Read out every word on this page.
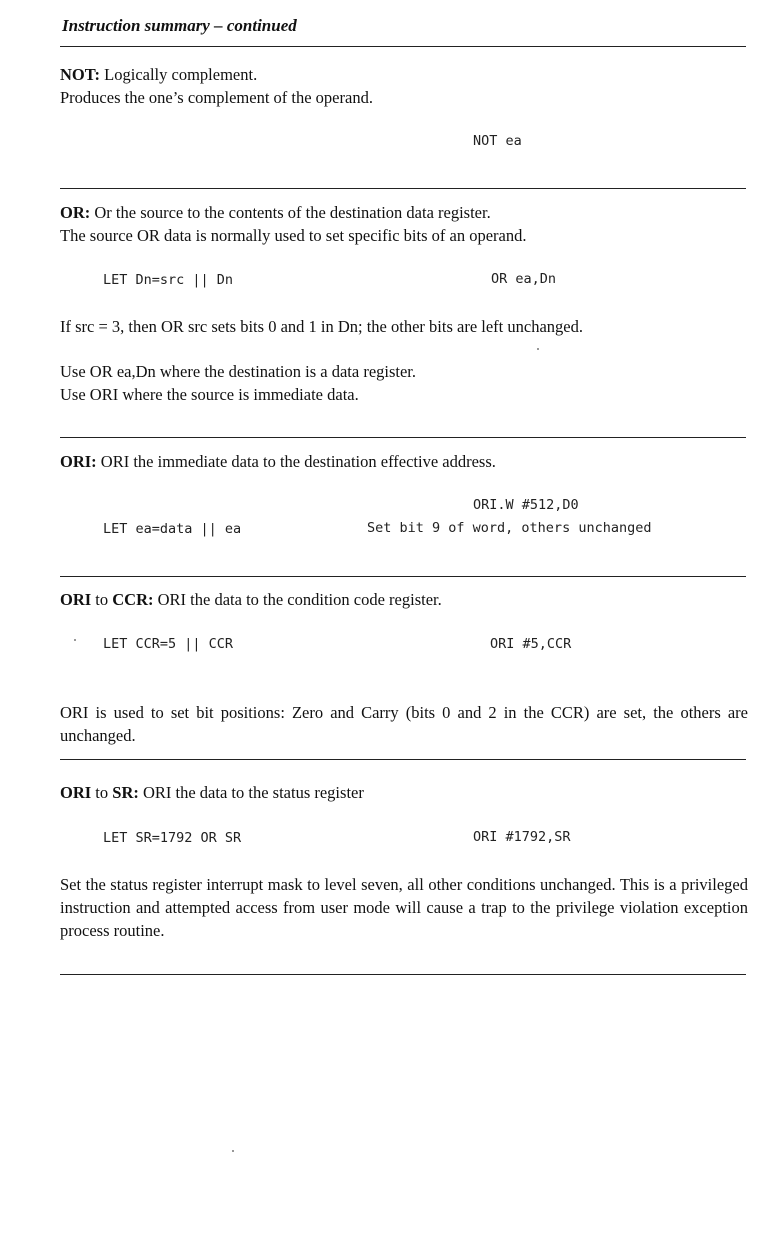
Instruction summary – continued
NOT: Logically complement.
Produces the one’s complement of the operand.
NOT ea
OR: Or the source to the contents of the destination data register.
The source OR data is normally used to set specific bits of an operand.
LET Dn=src || Dn	OR ea,Dn
If src = 3, then OR src sets bits 0 and 1 in Dn; the other bits are left unchanged.
Use OR ea,Dn where the destination is a data register.
Use ORI where the source is immediate data.
ORI: ORI the immediate data to the destination effective address.
ORI.W #512,D0
LET ea=data || ea	Set bit 9 of word, others unchanged
ORI to CCR: ORI the data to the condition code register.
LET CCR=5 || CCR	ORI #5,CCR
ORI is used to set bit positions: Zero and Carry (bits 0 and 2 in the CCR) are set, the others are unchanged.
ORI to SR: ORI the data to the status register
LET SR=1792 OR SR	ORI #1792,SR
Set the status register interrupt mask to level seven, all other conditions unchanged. This is a privileged instruction and attempted access from user mode will cause a trap to the privilege violation exception process routine.
